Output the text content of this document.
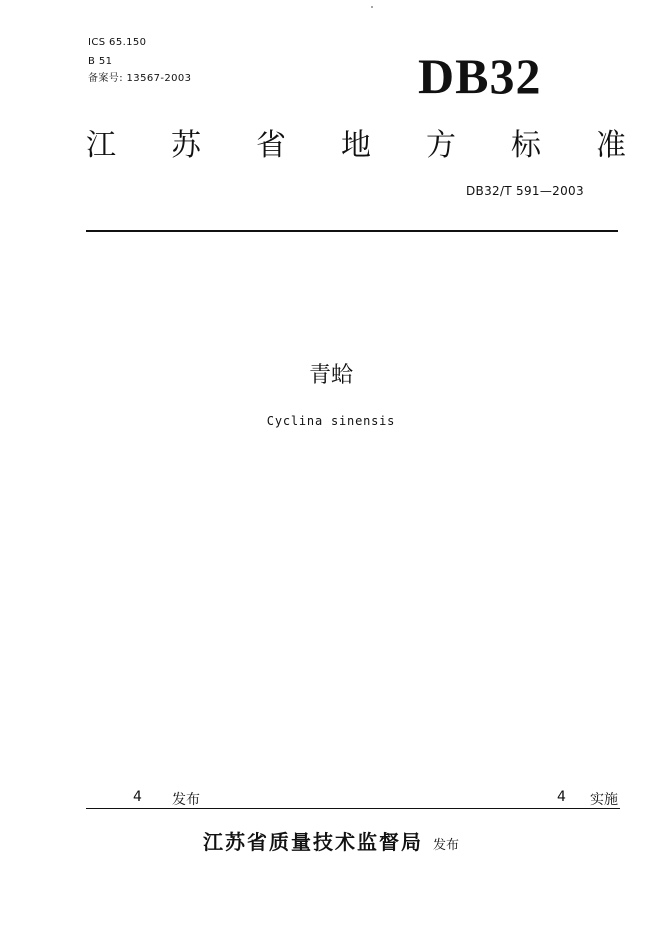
ICS 65.150
B 51
备案号: 13567-2003	DB32
江 苏 省 地 方 标 准
DB32/T 591—2003
青蛤
Cyclina sinensis
4 发布	4 实施
江苏省质量技术监督局 发布
